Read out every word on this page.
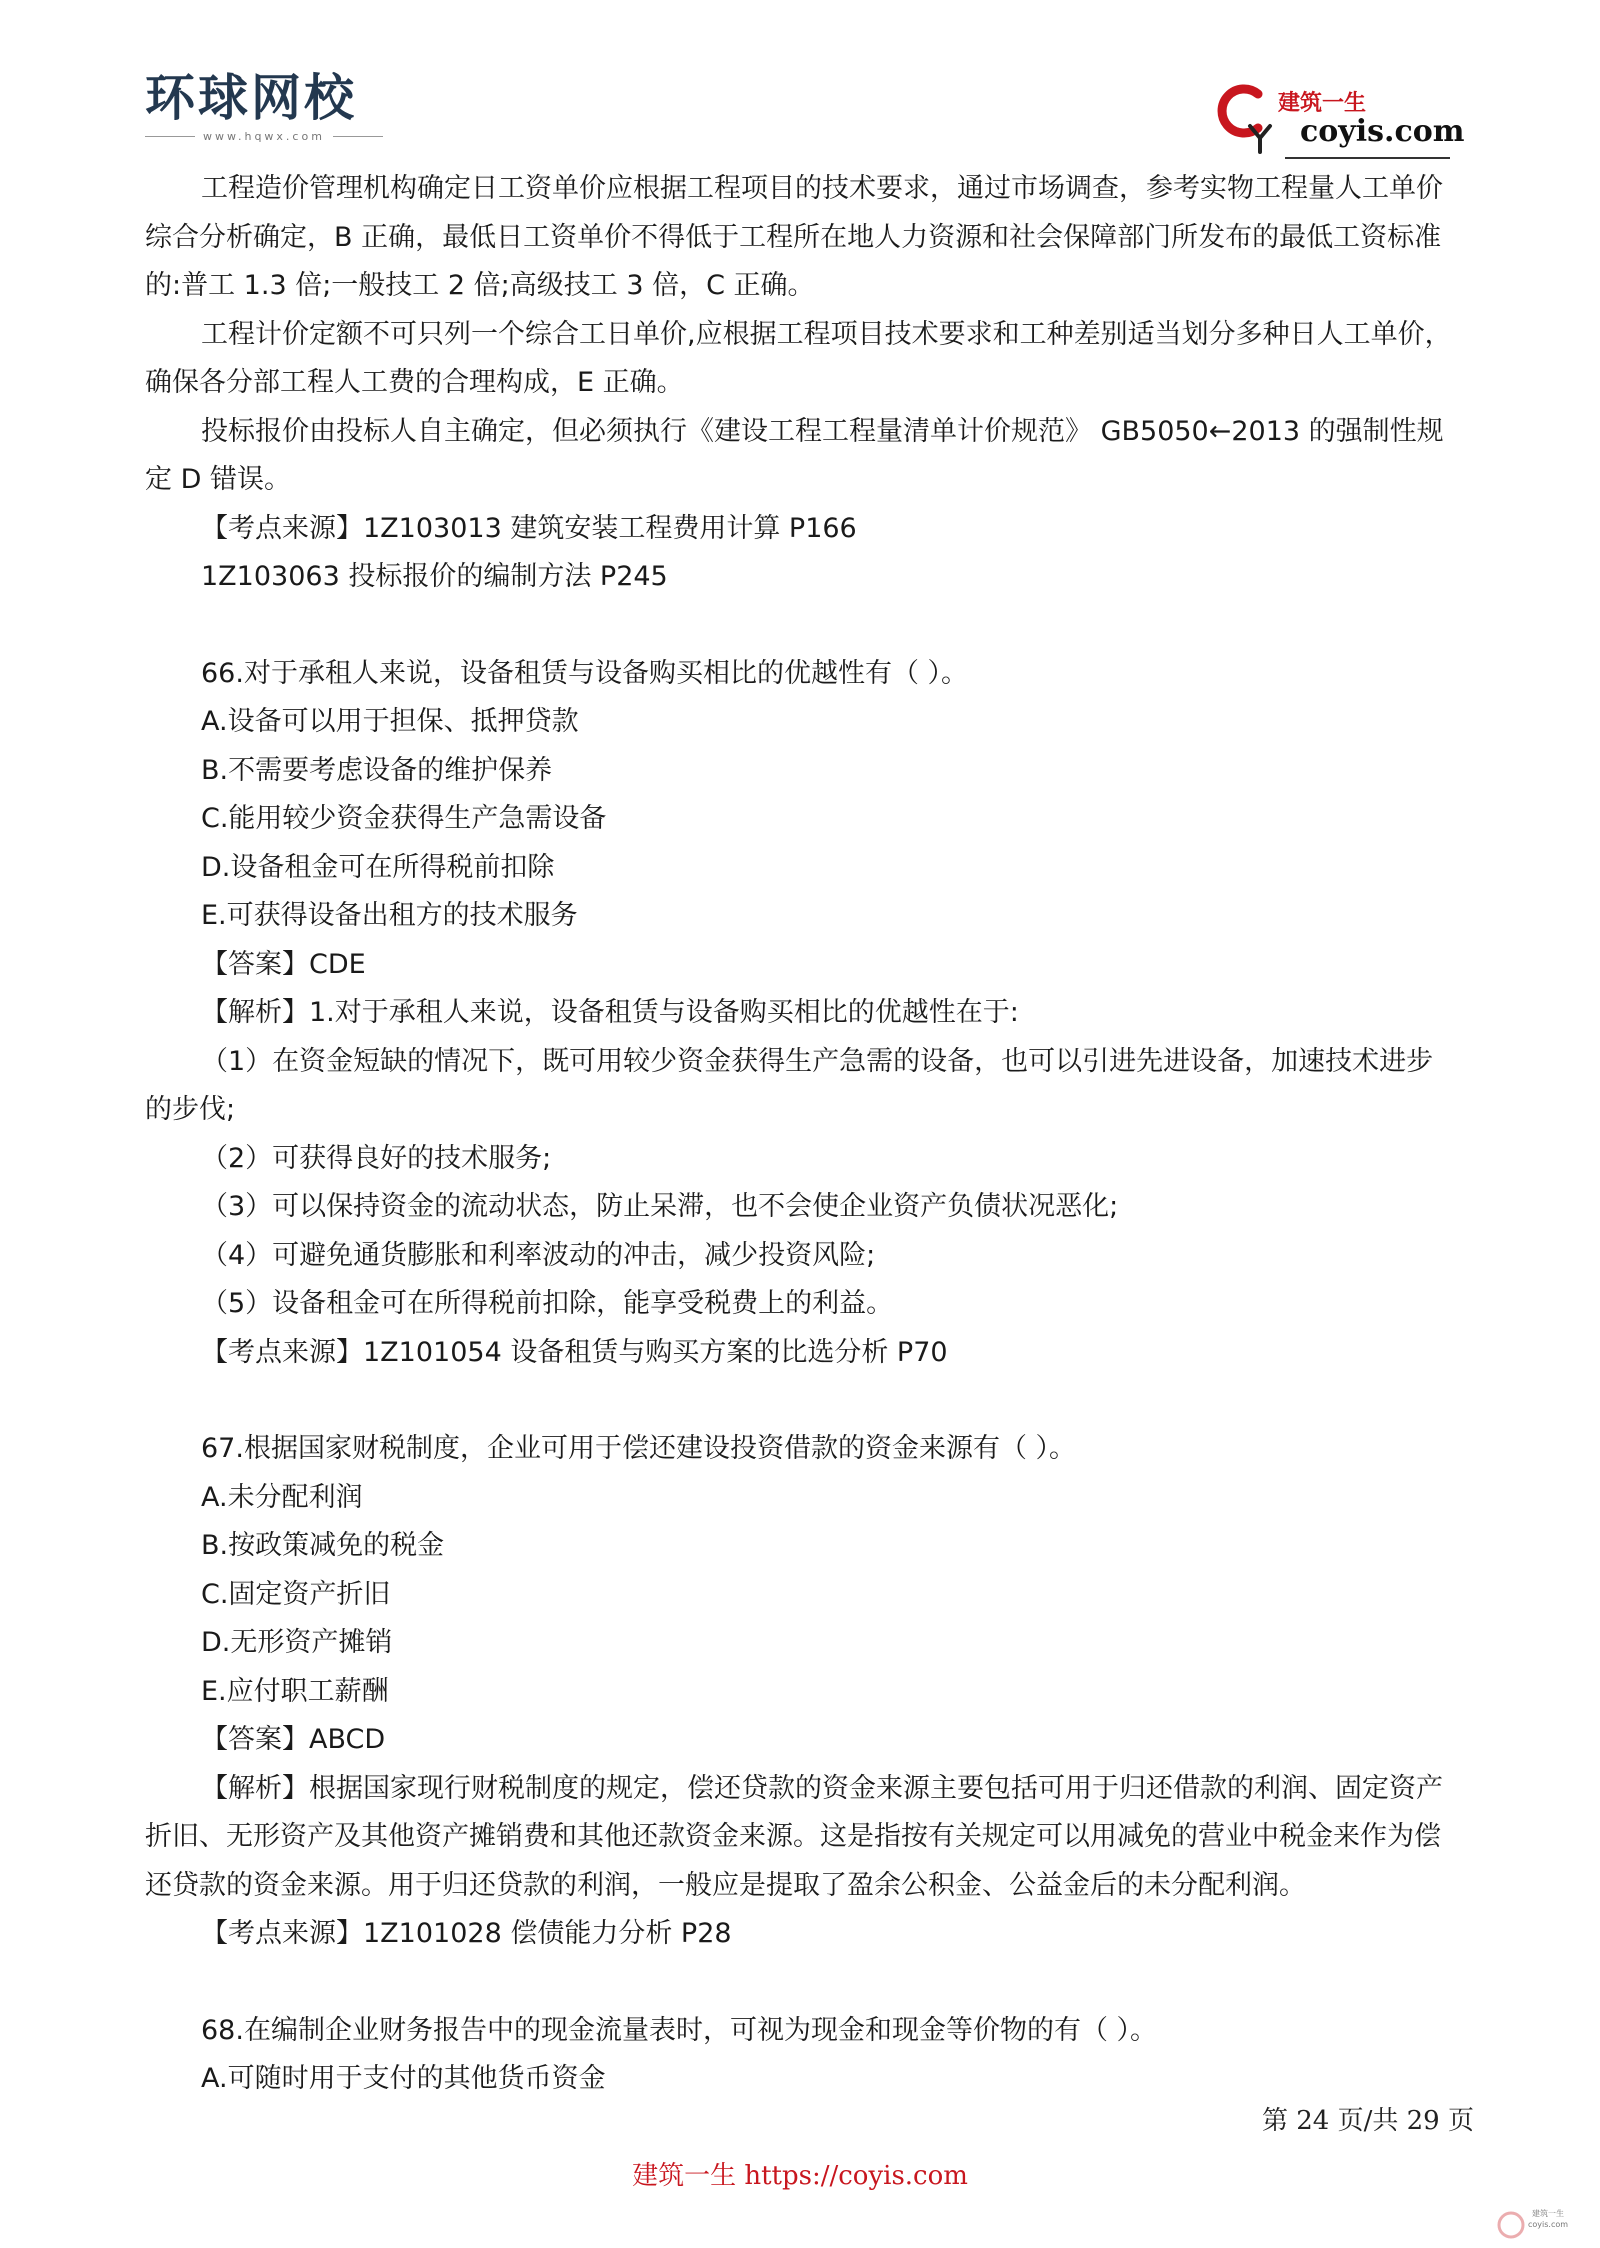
环球网校
www.hqwx.com
建筑一生
coyis.com
工程造价管理机构确定日工资单价应根据工程项目的技术要求，通过市场调查，参考实物工程量人工单价综合分析确定，B 正确，最低日工资单价不得低于工程所在地人力资源和社会保障部门所发布的最低工资标准的:普工 1.3 倍;一般技工 2 倍;高级技工 3 倍，C 正确。
工程计价定额不可只列一个综合工日单价,应根据工程项目技术要求和工种差别适当划分多种日人工单价，确保各分部工程人工费的合理构成，E 正确。
投标报价由投标人自主确定，但必须执行《建设工程工程量清单计价规范》 GB5050←2013 的强制性规定 D 错误。
【考点来源】1Z103013 建筑安装工程费用计算 P166
1Z103063 投标报价的编制方法 P245
66.对于承租人来说，设备租赁与设备购买相比的优越性有（ ）。
A.设备可以用于担保、抵押贷款
B.不需要考虑设备的维护保养
C.能用较少资金获得生产急需设备
D.设备租金可在所得税前扣除
E.可获得设备出租方的技术服务
【答案】CDE
【解析】1.对于承租人来说，设备租赁与设备购买相比的优越性在于:
（1）在资金短缺的情况下，既可用较少资金获得生产急需的设备，也可以引进先进设备，加速技术进步的步伐;
（2）可获得良好的技术服务;
（3）可以保持资金的流动状态，防止呆滞，也不会使企业资产负债状况恶化;
（4）可避免通货膨胀和利率波动的冲击，减少投资风险;
（5）设备租金可在所得税前扣除，能享受税费上的利益。
【考点来源】1Z101054 设备租赁与购买方案的比选分析 P70
67.根据国家财税制度，企业可用于偿还建设投资借款的资金来源有（ ）。
A.未分配利润
B.按政策减免的税金
C.固定资产折旧
D.无形资产摊销
E.应付职工薪酬
【答案】ABCD
【解析】根据国家现行财税制度的规定，偿还贷款的资金来源主要包括可用于归还借款的利润、固定资产折旧、无形资产及其他资产摊销费和其他还款资金来源。这是指按有关规定可以用减免的营业中税金来作为偿还贷款的资金来源。用于归还贷款的利润，一般应是提取了盈余公积金、公益金后的未分配利润。
【考点来源】1Z101028 偿债能力分析 P28
68.在编制企业财务报告中的现金流量表时，可视为现金和现金等价物的有（ ）。
A.可随时用于支付的其他货币资金
第 24 页/共 29 页
建筑一生 https://coyis.com
建筑一生
coyis.com
